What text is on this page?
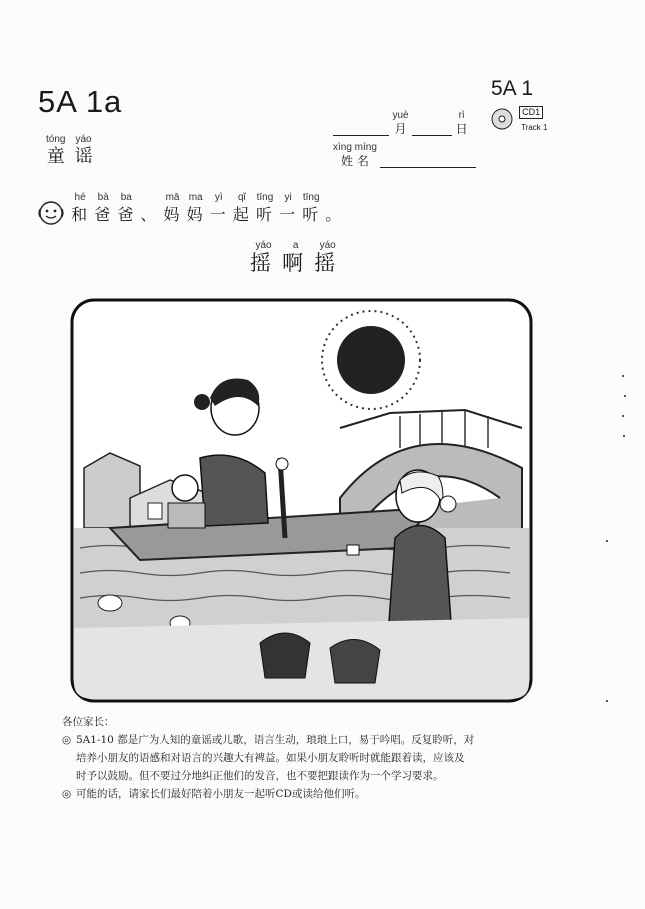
5A 1a	5A 1
tóng
童

yáo
谣

yuè
月

rì
日
xìng míng
姓 名

CD1
Track 1

hé
和

bà
爸

ba
爸

、

mā
妈

ma
妈

yì
一

qǐ
起

tīng
听

yi
一

tīng
听

。
yáo
摇

a
啊

yáo
摇
各位家长：
◎ 5A1-10 都是广为人知的童谣或儿歌，语言生动，琅琅上口，易于吟唱。反复聆听，对
培养小朋友的语感和对语言的兴趣大有裨益。如果小朋友聆听时就能跟着读，应该及
时予以鼓励。但不要过分地纠正他们的发音，也不要把跟读作为一个学习要求。
◎ 可能的话，请家长们最好陪着小朋友一起听CD或读给他们听。
